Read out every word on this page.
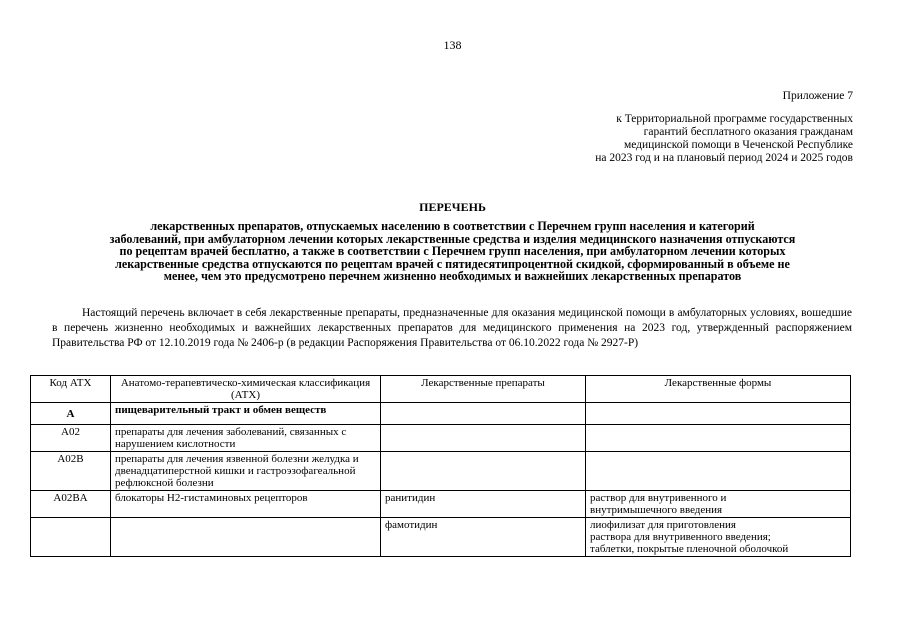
138
Приложение 7
к Территориальной программе государственных
гарантий бесплатного оказания гражданам
медицинской помощи в Чеченской Республике
на 2023 год и на плановый период 2024 и 2025 годов
ПЕРЕЧЕНЬ
лекарственных препаратов, отпускаемых населению в соответствии с Перечнем групп населения и категорий
заболеваний, при амбулаторном лечении которых лекарственные средства и изделия медицинского назначения отпускаются
по рецептам врачей бесплатно, а также в соответствии с Перечнем групп населения, при амбулаторном лечении которых
лекарственные средства отпускаются по рецептам врачей с пятидесятипроцентной скидкой, сформированный в объеме не
менее, чем это предусмотрено перечнем жизненно необходимых и важнейших лекарственных препаратов
Настоящий перечень включает в себя лекарственные препараты, предназначенные для оказания медицинской помощи в амбулаторных условиях, вошедшие в перечень жизненно необходимых и важнейших лекарственных препаратов для медицинского применения на 2023 год, утвержденный распоряжением Правительства РФ от 12.10.2019 года № 2406-р (в редакции Распоряжения Правительства от 06.10.2022 года № 2927-Р)
Код АТХ	Анатомо-терапевтическо-химическая классификация (АТХ)	Лекарственные препараты	Лекарственные формы
А	пищеварительный тракт и обмен веществ		
A02	препараты для лечения заболеваний, связанных с нарушением кислотности		
A02B	препараты для лечения язвенной болезни желудка и двенадцатиперстной кишки и гастроэзофагеальной рефлюксной болезни		
A02BA	блокаторы H2-гистаминовых рецепторов	ранитидин	раствор для внутривенного и
внутримышечного введения

		фамотидин	лиофилизат для приготовления
раствора для внутривенного введения;
таблетки, покрытые пленочной оболочкой
